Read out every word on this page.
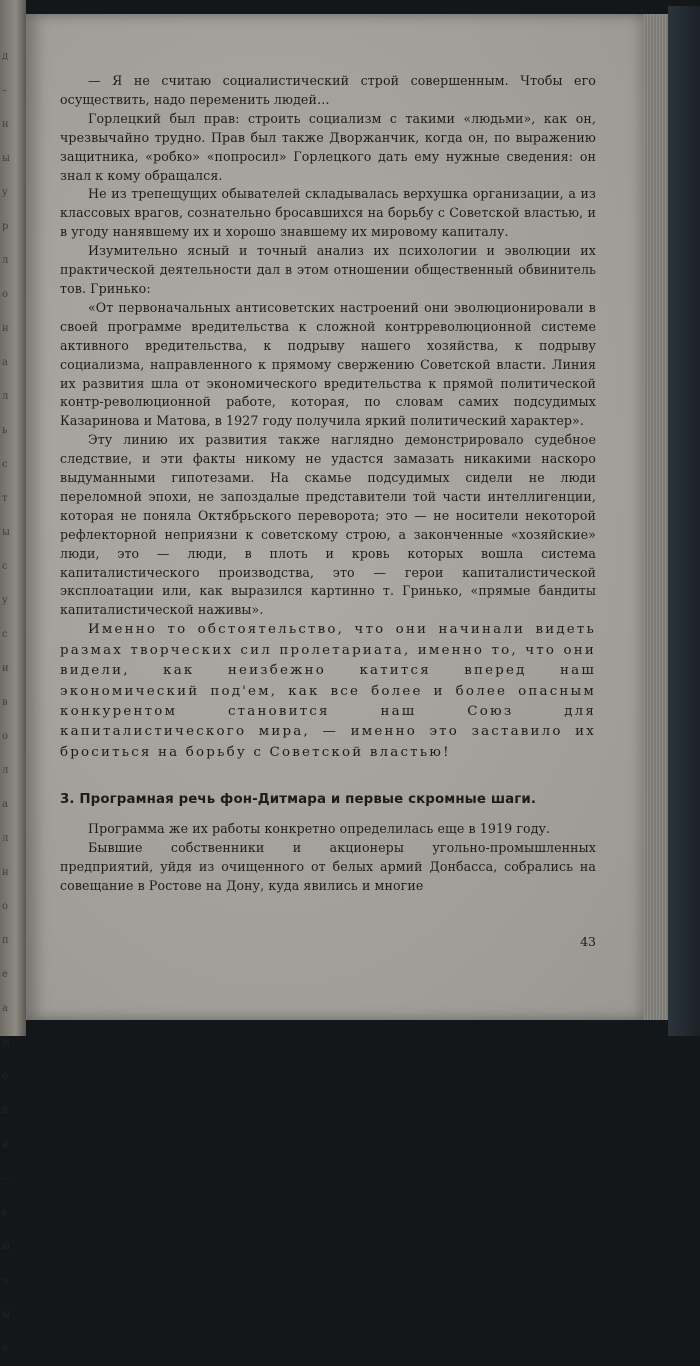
д
–
н
ы
у
р
л
о
н
а
л
ь
с
т
ы
с
у
с
и
в
о
л
а
л
н
о
п
е
а
м
о
п
и
—
ь
ы
о
ы
е

— Я не считаю социалистический строй совершенным. Чтобы его осуществить, надо переменить людей…

Горлецкий был прав: строить социализм с такими «людьми», как он, чрезвычайно трудно. Прав был также Дворжанчик, когда он, по выражению защитника, «робко» «попросил» Горлецкого дать ему нужные сведения: он знал к кому обращался.

Не из трепещущих обывателей складывалась верхушка организации, а из классовых врагов, сознательно бросавшихся на борьбу с Советской властью, и в угоду нанявшему их и хорошо знавшему их мировому капиталу.

Изумительно ясный и точный анализ их психологии и эволюции их практической деятельности дал в этом отношении общественный обвинитель тов. Гринько:

«От первоначальных антисоветских настроений они эволюционировали в своей программе вредительства к сложной контрреволюционной системе активного вредительства, к подрыву нашего хозяйства, к подрыву социализма, направленного к прямому свержению Советской власти. Линия их развития шла от экономического вредительства к прямой политической контр-революционной работе, которая, по словам самих подсудимых Казаринова и Матова, в 1927 году получила яркий политический характер».

Эту линию их развития также наглядно демонстрировало судебное следствие, и эти факты никому не удастся замазать никакими наскоро выдуманными гипотезами. На скамье подсудимых сидели не люди переломной эпохи, не запоздалые представители той части интеллигенции, которая не поняла Октябрьского переворота; это — не носители некоторой рефлекторной неприязни к советскому строю, а законченные «хозяйские» люди, это — люди, в плоть и кровь которых вошла система капиталистического производства, это — герои капиталистической эксплоатации или, как выразился картинно т. Гринько, «прямые бандиты капиталистической наживы».

Именно то обстоятельство, что они начинали видеть размах творческих сил пролетариата, именно то, что они видели, как неизбежно катится вперед наш экономический под'ем, как все более и более опасным конкурентом становится наш Союз для капиталистического мира, — именно это заставило их броситься на борьбу с Советской властью!

3. Програмная речь фон-Дитмара и первые скромные шаги.

Программа же их работы конкретно определилась еще в 1919 году.

Бывшие собственники и акционеры угольно-промышленных предприятий, уйдя из очищенного от белых армий Донбасса, собрались на совещание в Ростове на Дону, куда явились и многие

43
